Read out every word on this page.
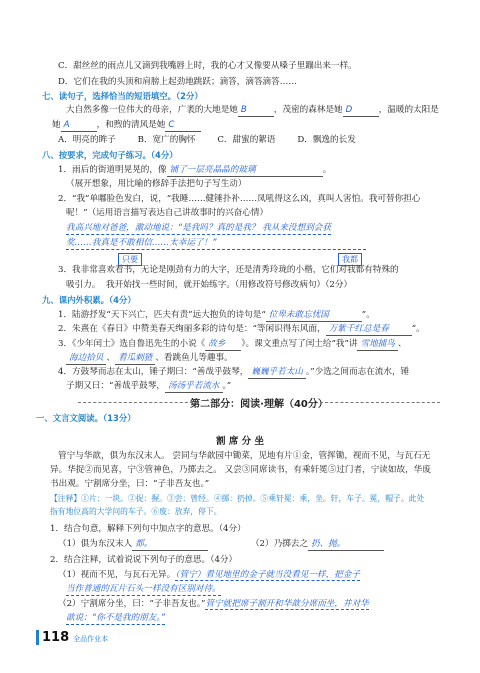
C．甜丝丝的雨点儿又滴到我嘴唇上时，我的心才又像要从嗓子里蹦出来一样。
D．它们在我的头顶和肩膀上起劲地跳跃；滴答，滴答滴答……
七、读句子，选择恰当的短语填空。（2分）
大自然多像一位伟大的母亲，广袤的大地是她 B	，茂密的森林是她 D	，温暖的太阳是
她 A	，和煦的清风是她 C
A．明亮的眸子        B．宽广的胸怀        C．甜蜜的絮语        D．飘逸的长发
八、按要求，完成句子练习。（4分）
1．雨后的街道明晃晃的，像 铺了一层亮晶晶的玻璃	。
（展开想象，用比喻的修辞手法把句子写生动）
2．“我”单嘟脸色发白，说，“我睡……健锤扑补……凤吼得这么凶，真叫人害怕。我可替你担心
呢！”（运用语言描写表达自己讲故事时的兴奋心情）
我高兴地对爸爸，激动地说：“是我吗？真的是我？ 我从来没想到会获
奖……我真是不敢相信……太幸运了！”
3．我非常喜欢看书，无论是刚劲有力的大字，还是清秀玲珑的小楷，它们对我都有特殊的
只要	我都
吸引力。 我开始找一些时间，就开始练字。（用修改符号修改病句）（2分）
九、课内外积累。（4分）
1．陆游抒发“天下兴亡，匹夫有责”远大抱负的诗句是“ 位卑未敢忘忧国	”。
2．朱熹在《春日》中赞美春天绚丽多彩的诗句是：“等闲识得东风面， 万紫千红总是春	”。
3．《少年闰土》选自鲁迅先生的小说《 故乡 》。课文重点写了闰土给“我”讲 雪地捕鸟 、
海边拾贝 、 看瓜刺猹 、看跳鱼儿等趣事。
4．方鼓琴而志在太山，锤子期曰：“善哉乎鼓琴， 巍巍乎若太山 。”少选之间而志在流水，锤
子期又曰：“善哉乎鼓琴， 汤汤乎若流水 。”
第二部分：阅读·理解（40分）
一、文言文阅读。（13分）
割 席 分 坐
管宁与华歆，俱为东汉末人。 尝同与华歆园中锄菜，见地有片①金，管挥锄，视而不见，与瓦石无
异。华捉②而见喜，宁③管神色，乃掷去之。 又尝③同席读书，有乘轩冕⑤过门者，宁读如故，华废
书出观。宁割席分坐，曰：“子非吾友也。”
【注释】①片：一块。②捉：握。③尝：曾经。④掷：扔掉。⑤乘轩冕：乘，坐。轩，车子。冕，帽子。此处
指有地位高的大学问的车子。⑥废：放弃，停下。
1．结合句意，解释下列句中加点字的意思。（4分）
（1）俱为东汉末人 都。	（2）乃掷去之 扔、抛。
2．结合注释，试着说说下列句子的意思。（4分）
（1）视而不见，与瓦石无异。（管宁）看见地里的金子就当没看见一样，把金子
当作普通的瓦片石头一样没有区别对待。
（2）宁割席分坐，曰：“子非吾友也。”管宁就把席子割开和华歆分席而坐，并对华
歆说：“你不是我的朋友。”
118 全品作业本
